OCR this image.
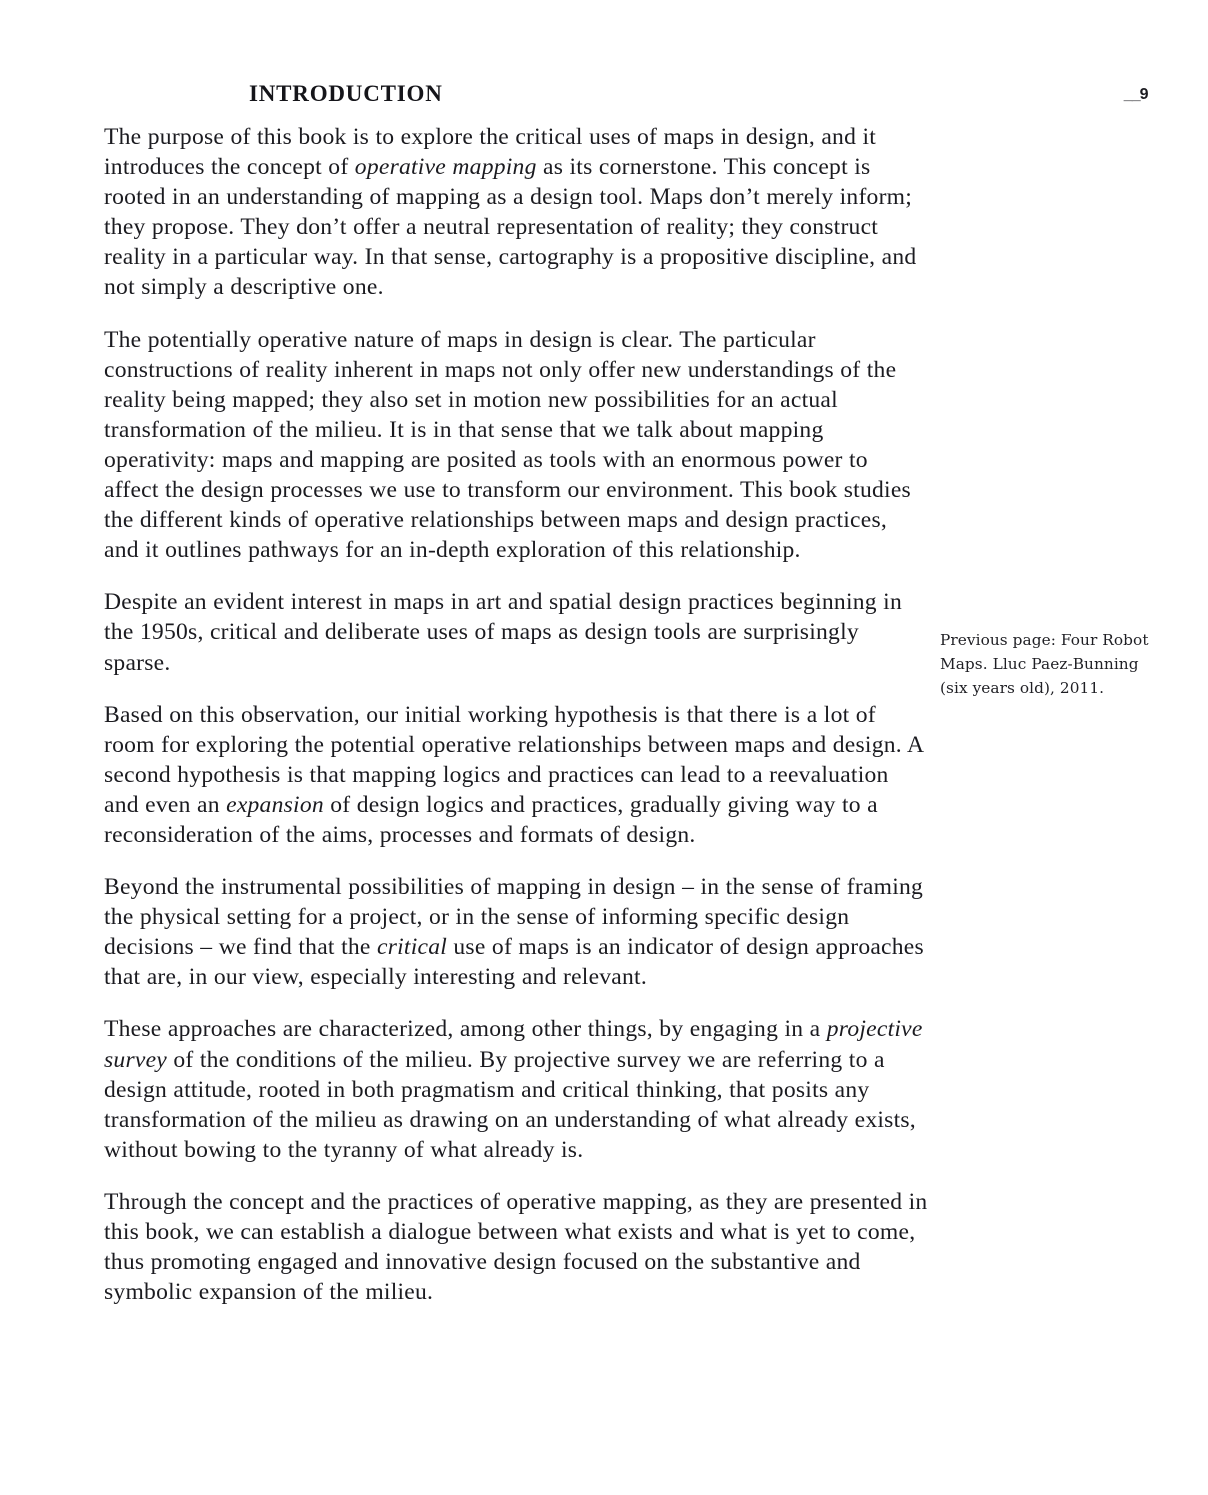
INTRODUCTION	__9

The purpose of this book is to explore the critical uses of maps in design, and it introduces the concept of operative mapping as its cornerstone. This concept is rooted in an understanding of mapping as a design tool. Maps don’t merely inform; they propose. They don’t offer a neutral representation of reality; they construct reality in a particular way. In that sense, cartography is a propositive discipline, and not simply a descriptive one.

The potentially operative nature of maps in design is clear. The particular constructions of reality inherent in maps not only offer new understandings of the reality being mapped; they also set in motion new possibilities for an actual transformation of the milieu. It is in that sense that we talk about mapping operativity: maps and mapping are posited as tools with an enormous power to affect the design processes we use to transform our environment. This book studies the different kinds of operative relationships between maps and design practices, and it outlines pathways for an in-depth exploration of this relationship.

Despite an evident interest in maps in art and spatial design practices beginning in the 1950s, critical and deliberate uses of maps as design tools are surprisingly sparse.

Based on this observation, our initial working hypothesis is that there is a lot of room for exploring the potential operative relationships between maps and design. A second hypothesis is that mapping logics and practices can lead to a reevaluation and even an expansion of design logics and practices, gradually giving way to a reconsideration of the aims, processes and formats of design.

Beyond the instrumental possibilities of mapping in design – in the sense of framing the physical setting for a project, or in the sense of informing specific design decisions – we find that the critical use of maps is an indicator of design approaches that are, in our view, especially interesting and relevant.

These approaches are characterized, among other things, by engaging in a projective survey of the conditions of the milieu. By projective survey we are referring to a design attitude, rooted in both pragmatism and critical thinking, that posits any transformation of the milieu as drawing on an understanding of what already exists, without bowing to the tyranny of what already is.

Through the concept and the practices of operative mapping, as they are presented in this book, we can establish a dialogue between what exists and what is yet to come, thus promoting engaged and innovative design focused on the substantive and symbolic expansion of the milieu.

Previous page: Four Robot Maps. Lluc Paez-Bunning (six years old), 2011.
